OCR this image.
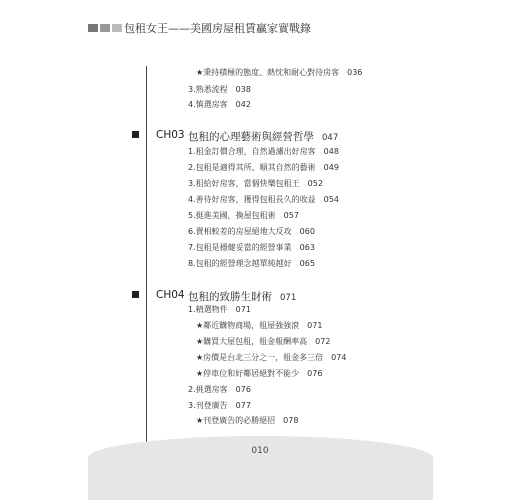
包租女王——美國房屋租賃贏家實戰錄
★秉持積極的態度、熱忱和耐心對待房客 036
3.熟悉流程 038
4.慎選房客 042
CH03 包租的心理藝術與經營哲學 047
1.租金訂價合理，自然過濾出好房客 048
2.包租是適得其所、順其自然的藝術 049
3.租給好房客，當個快樂包租王 052
4.善待好房客，獲得包租長久的收益 054
5.挺進美國，換屋包租術 057
6.賣相較差的房屋絕地大反攻 060
7.包租是穩健妥當的經營事業 063
8.包租的經營理念越單純越好 065
CH04 包租的致勝生財術 071
1.精選物件 071
★鄰近購物商場，租屋強強滾 071
★購買大屋包租，租金報酬率高 072
★房價是台北三分之一，租金多三倍 074
★停車位和好鄰居絕對不能少 076
2.挑選房客 076
3.刊登廣告 077
★刊登廣告的必勝絕招 078
010
